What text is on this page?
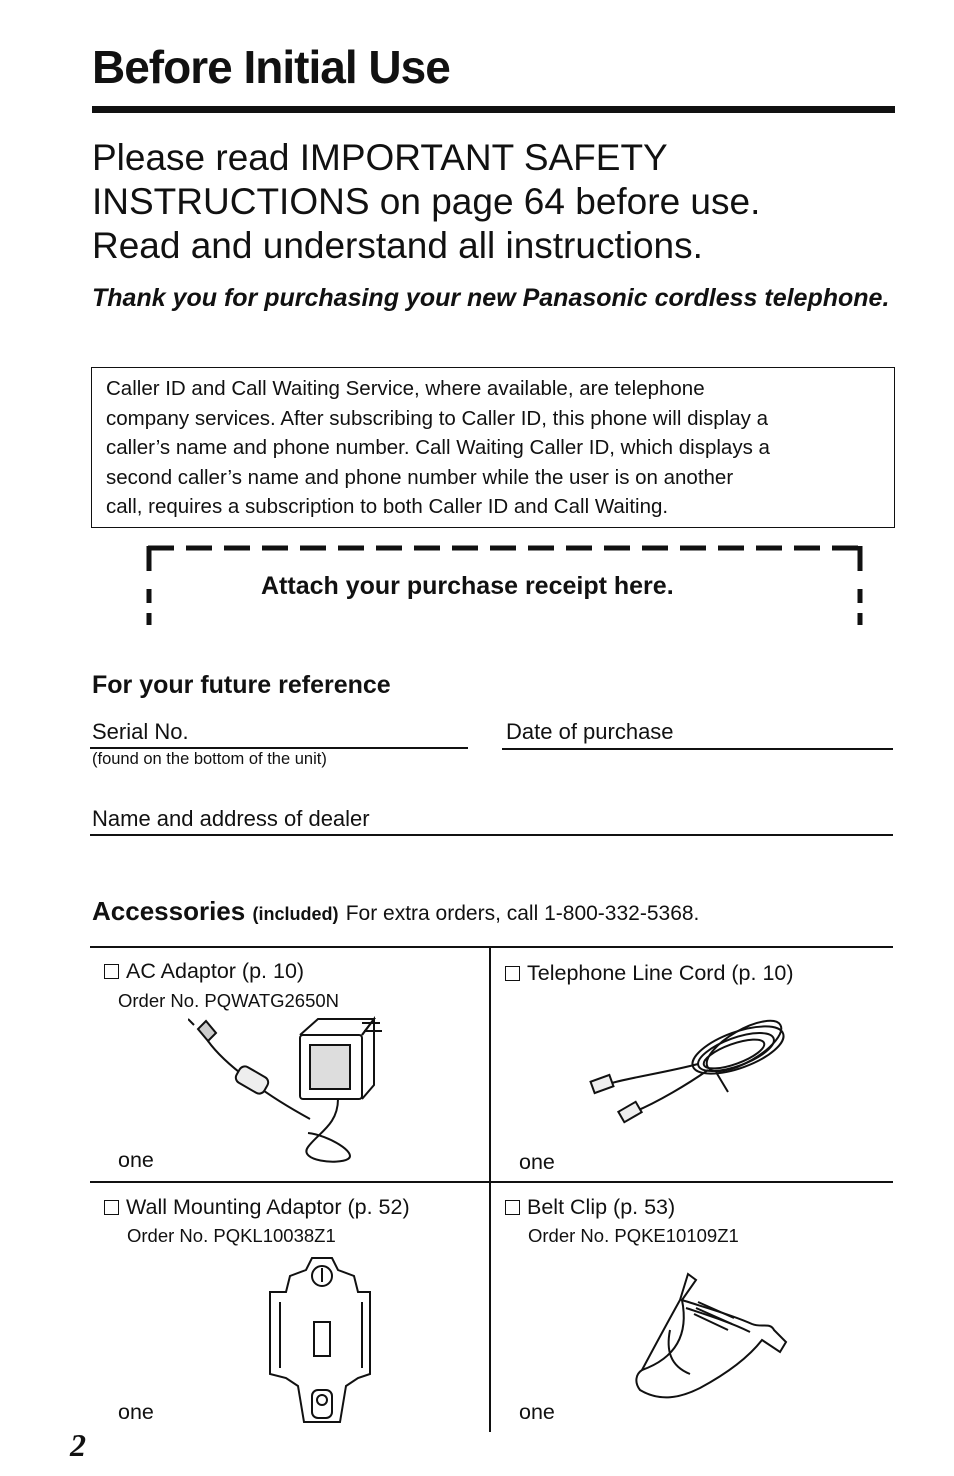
Before Initial Use
Please read IMPORTANT SAFETY
INSTRUCTIONS on page 64 before use.
Read and understand all instructions.
Thank you for purchasing your new Panasonic cordless telephone.
Caller ID and Call Waiting Service, where available, are telephone
company services. After subscribing to Caller ID, this phone will display a
caller’s name and phone number. Call Waiting Caller ID, which displays a
second caller’s name and phone number while the user is on another
call, requires a subscription to both Caller ID and Call Waiting.
Attach your purchase receipt here.
For your future reference
Serial No.
(found on the bottom of the unit)
Date of purchase
Name and address of dealer
Accessories (included) For extra orders, call 1-800-332-5368.
AC Adaptor (p. 10)
Order No. PQWATG2650N
one
Telephone Line Cord (p. 10)
one
Wall Mounting Adaptor (p. 52)
Order No. PQKL10038Z1
one
Belt Clip (p. 53)
Order No. PQKE10109Z1
one
2
